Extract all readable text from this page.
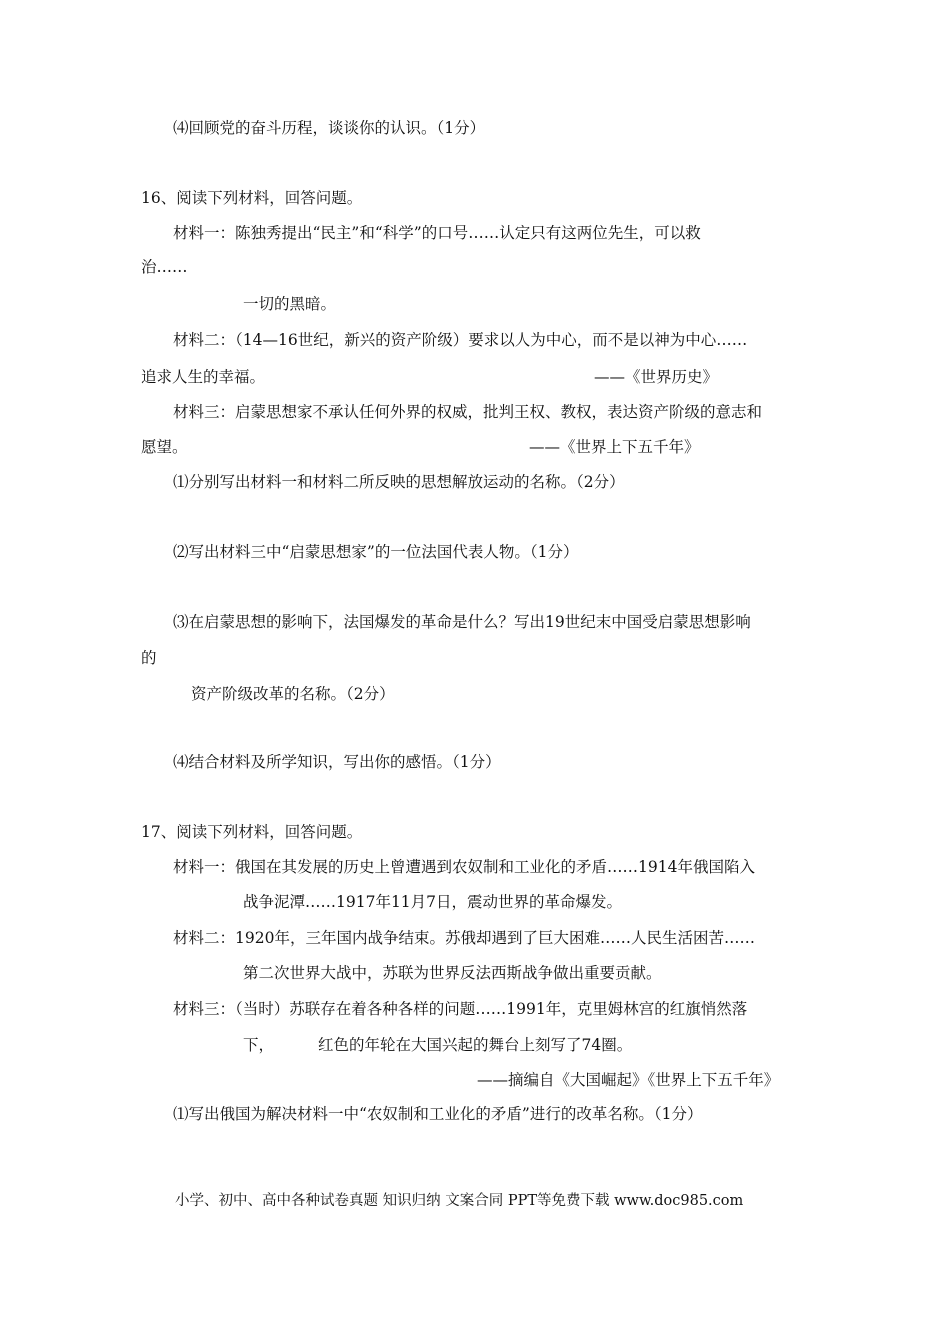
⑷回顾党的奋斗历程，谈谈你的认识。（1分）
16、阅读下列材料，回答问题。
材料一：陈独秀提出“民主”和“科学”的口号……认定只有这两位先生，可以救
治……
一切的黑暗。
材料二：（14—16世纪，新兴的资产阶级）要求以人为中心，而不是以神为中心……
追求人生的幸福。	——《世界历史》
材料三：启蒙思想家不承认任何外界的权威，批判王权、教权，表达资产阶级的意志和
愿望。	——《世界上下五千年》
⑴分别写出材料一和材料二所反映的思想解放运动的名称。（2分）
⑵写出材料三中“启蒙思想家”的一位法国代表人物。（1分）
⑶在启蒙思想的影响下，法国爆发的革命是什么？写出19世纪末中国受启蒙思想影响
的
资产阶级改革的名称。（2分）
⑷结合材料及所学知识，写出你的感悟。（1分）
17、阅读下列材料，回答问题。
材料一：俄国在其发展的历史上曾遭遇到农奴制和工业化的矛盾……1914年俄国陷入
战争泥潭……1917年11月7日，震动世界的革命爆发。
材料二：1920年，三年国内战争结束。苏俄却遇到了巨大困难……人民生活困苦……
第二次世界大战中，苏联为世界反法西斯战争做出重要贡献。
材料三：（当时）苏联存在着各种各样的问题……1991年，克里姆林宫的红旗悄然落
下，	红色的年轮在大国兴起的舞台上刻写了74圈。
——摘编自《大国崛起》《世界上下五千年》
⑴写出俄国为解决材料一中“农奴制和工业化的矛盾”进行的改革名称。（1分）
小学、初中、高中各种试卷真题 知识归纳 文案合同 PPT等免费下载 www.doc985.com
